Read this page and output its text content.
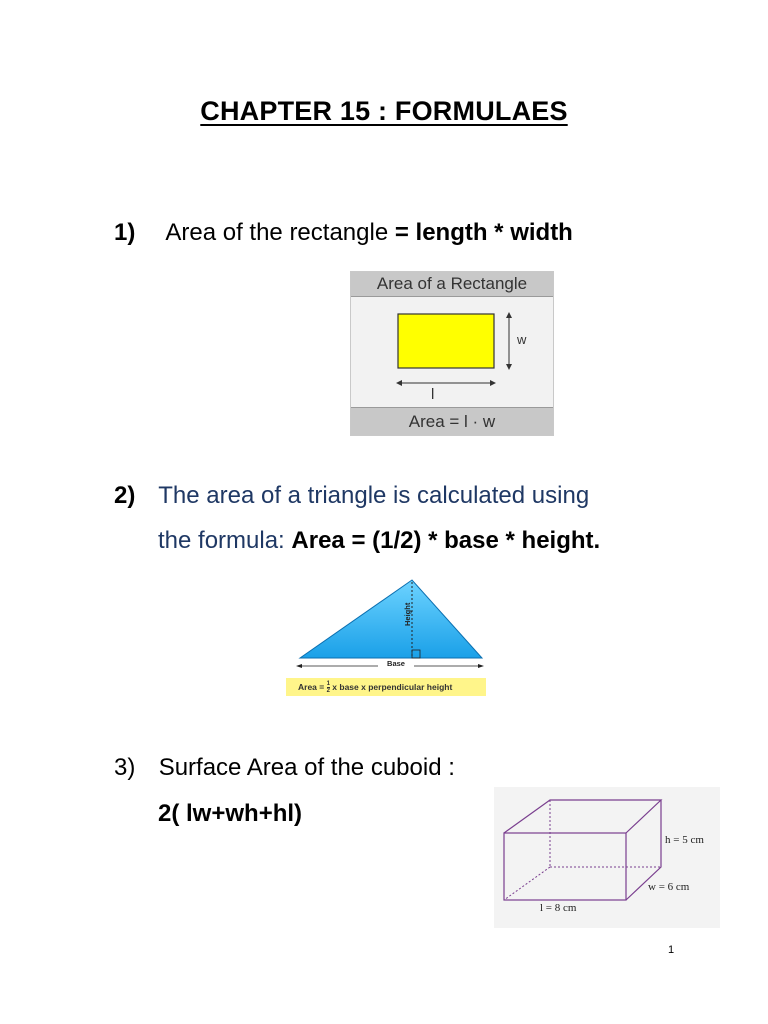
CHAPTER 15 : FORMULAES
1) Area of the rectangle = length * width
Area of a Rectangle
w
l
Area = l · w
2) The area of a triangle is calculated using
the formula: Area = (1/2) * base * height.
Height
Base
Area = $\frac{1}{2}$ x base x perpendicular height
3) Surface Area of the cuboid :
2( lw+wh+hl)
h = 5 cm
w = 6 cm
l = 8 cm
1
